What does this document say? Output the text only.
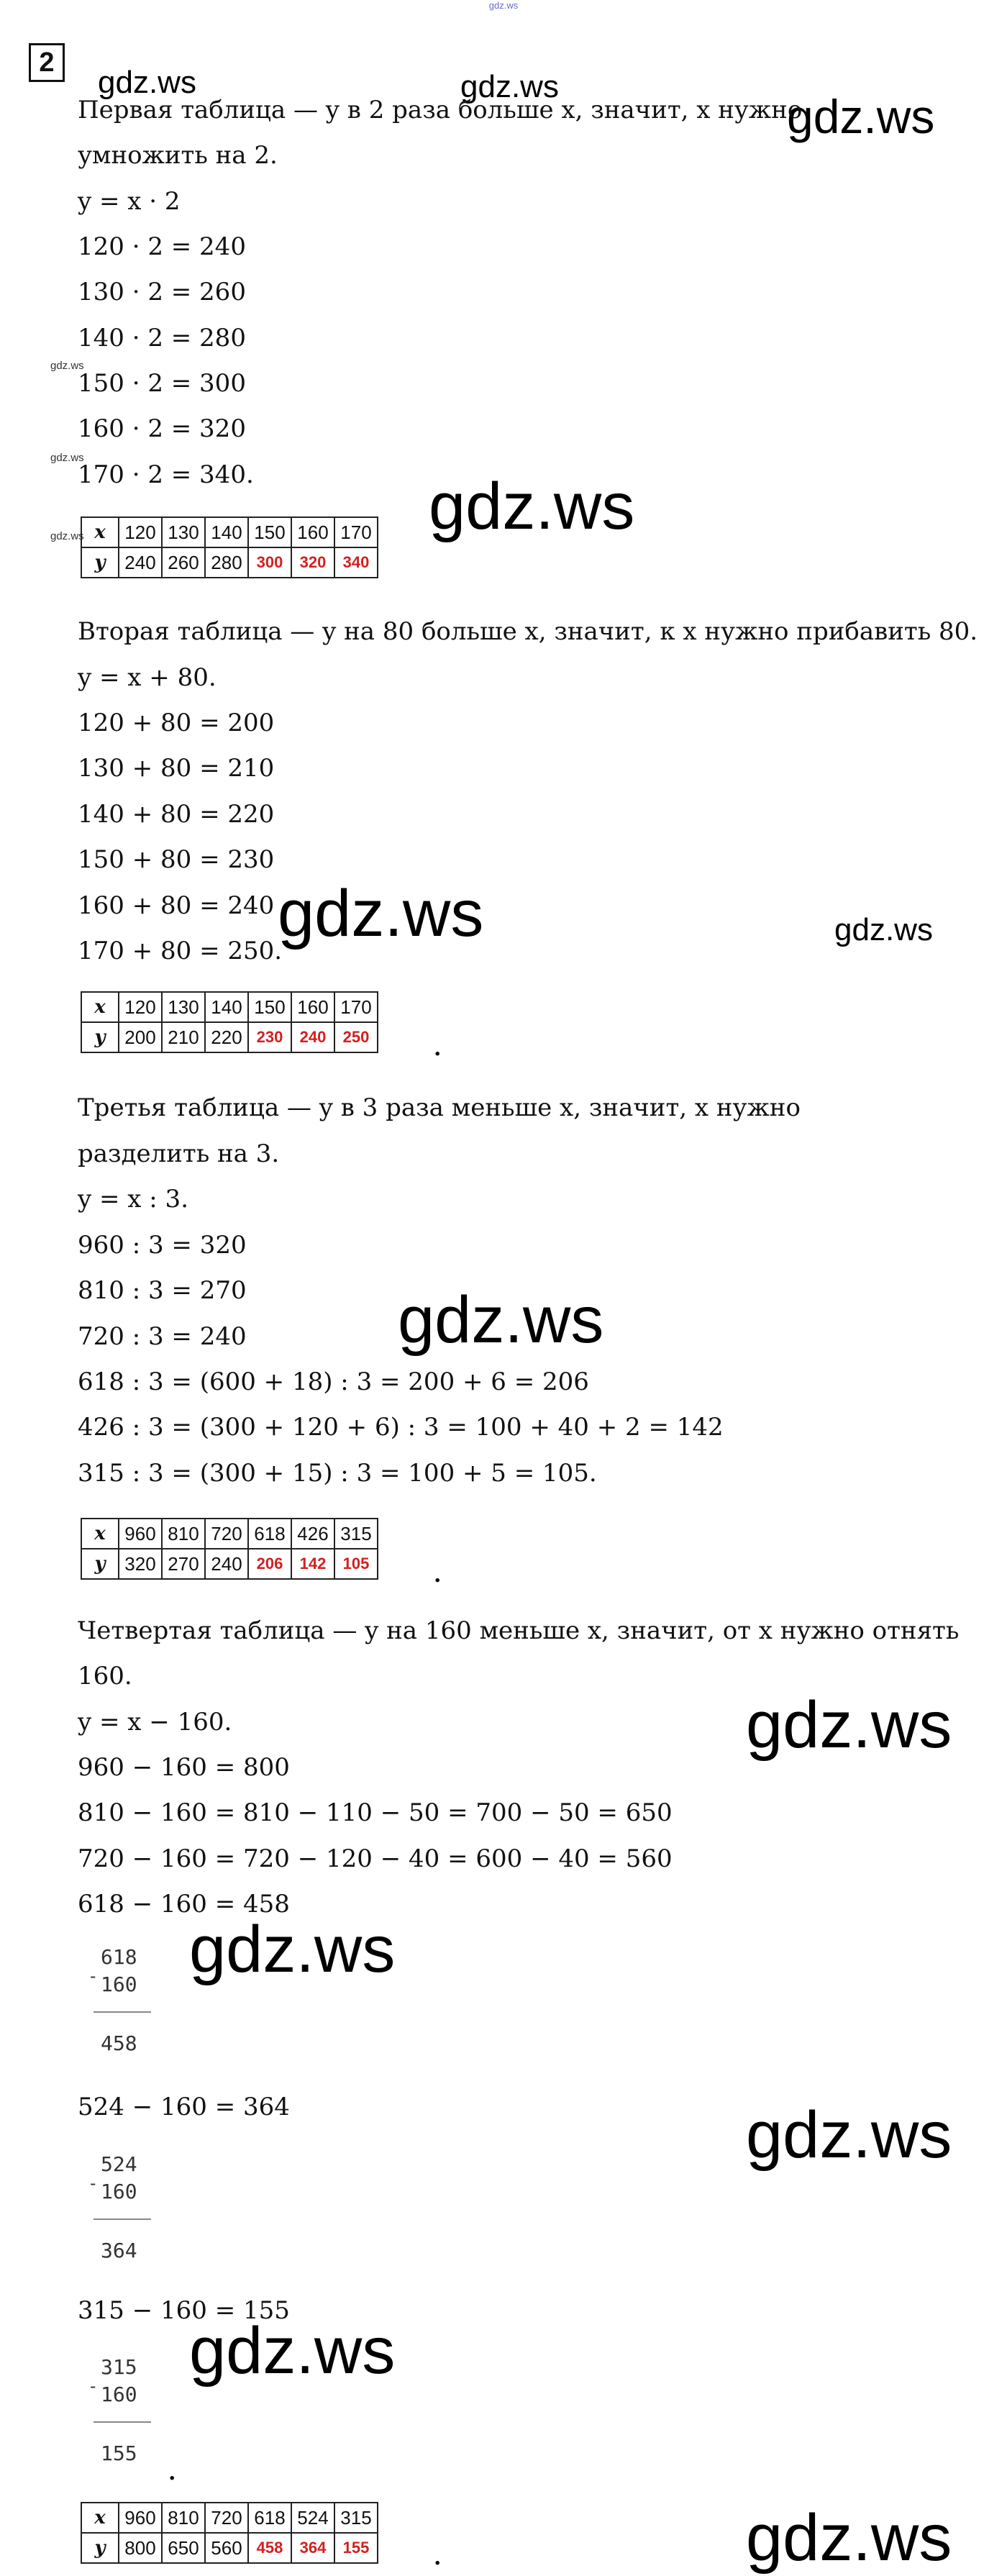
gdz.ws
2
gdz.ws	gdz.ws
gdz.ws
gdz.ws
gdz.ws
gdz.ws	gdz.ws
gdz.ws	gdz.ws
gdz.ws
gdz.ws
gdz.ws
gdz.ws
gdz.ws
gdz.ws
Первая таблица — y в 2 раза больше x, значит, x нужно
умножить на 2.
y = x · 2
120 · 2 = 240
130 · 2 = 260
140 · 2 = 280
150 · 2 = 300
160 · 2 = 320
170 · 2 = 340.
x	120	130	140	150	160	170
y	240	260	280	300	320	340
Вторая таблица — y на 80 больше x, значит, к x нужно прибавить 80.
y = x + 80.
120 + 80 = 200
130 + 80 = 210
140 + 80 = 220
150 + 80 = 230
160 + 80 = 240
170 + 80 = 250.
x	120	130	140	150	160	170
y	200	210	220	230	240	250	.
Третья таблица — y в 3 раза меньше x, значит, x нужно
разделить на 3.
y = x : 3.
960 : 3 = 320
810 : 3 = 270
720 : 3 = 240
618 : 3 = (600 + 18) : 3 = 200 + 6 = 206
426 : 3 = (300 + 120 + 6) : 3 = 100 + 40 + 2 = 142
315 : 3 = (300 + 15) : 3 = 100 + 5 = 105.
x	960	810	720	618	426	315
y	320	270	240	206	142	105	.
Четвертая таблица — y на 160 меньше x, значит, от x нужно отнять
160.
y = x − 160.
960 − 160 = 800
810 − 160 = 810 − 110 − 50 = 700 − 50 = 650
720 − 160 = 720 − 120 − 40 = 600 − 40 = 560
618 − 160 = 458
618
160
-
458
524 − 160 = 364
524
160
-
364
315 − 160 = 155
315
160
-
155
.
x	960	810	720	618	524	315
y	800	650	560	458	364	155	.
